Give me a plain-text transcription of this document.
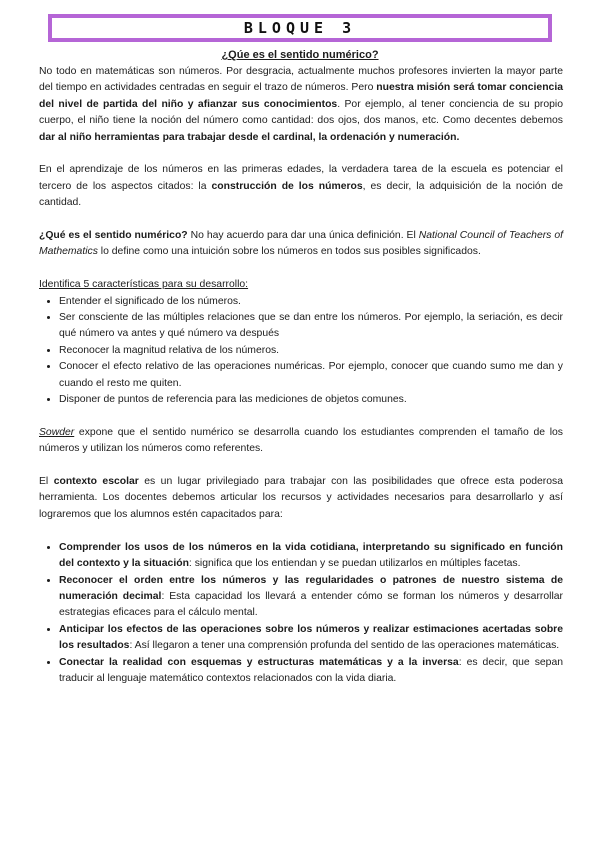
BLOQUE 3
¿Qúe es el sentido numérico?

No todo en matemáticas son números. Por desgracia, actualmente muchos profesores invierten la mayor parte del tiempo en actividades centradas en seguir el trazo de números. Pero nuestra misión será tomar conciencia del nivel de partida del niño y afianzar sus conocimientos. Por ejemplo, al tener conciencia de su propio cuerpo, el niño tiene la noción del número como cantidad: dos ojos, dos manos, etc. Como decentes debemos dar al niño herramientas para trabajar desde el cardinal, la ordenación y numeración.

En el aprendizaje de los números en las primeras edades, la verdadera tarea de la escuela es potenciar el tercero de los aspectos citados: la construcción de los números, es decir, la adquisición de la noción de cantidad.

¿Qué es el sentido numérico? No hay acuerdo para dar una única definición. El National Council of Teachers of Mathematics lo define como una intuición sobre los números en todos sus posibles significados.

Identifica 5 características para su desarrollo:
• Entender el significado de los números.
• Ser consciente de las múltiples relaciones que se dan entre los números. Por ejemplo, la seriación, es decir qué número va antes y qué número va después
• Reconocer la magnitud relativa de los números.
• Conocer el efecto relativo de las operaciones numéricas. Por ejemplo, conocer que cuando sumo me dan y cuando el resto me quiten.
• Disponer de puntos de referencia para las mediciones de objetos comunes.

Sowder expone que el sentido numérico se desarrolla cuando los estudiantes comprenden el tamaño de los números y utilizan los números como referentes.

El contexto escolar es un lugar privilegiado para trabajar con las posibilidades que ofrece esta poderosa herramienta. Los docentes debemos articular los recursos y actividades necesarios para desarrollarlo y así lograremos que los alumnos estén capacitados para:

• Comprender los usos de los números en la vida cotidiana, interpretando su significado en función del contexto y la situación: significa que los entiendan y se puedan utilizarlos en múltiples facetas.
• Reconocer el orden entre los números y las regularidades o patrones de nuestro sistema de numeración decimal: Esta capacidad los llevará a entender cómo se forman los números y desarrollar estrategias eficaces para el cálculo mental.
• Anticipar los efectos de las operaciones sobre los números y realizar estimaciones acertadas sobre los resultados: Así llegaron a tener una comprensión profunda del sentido de las operaciones matemáticas.
• Conectar la realidad con esquemas y estructuras matemáticas y a la inversa: es decir, que sepan traducir al lenguaje matemático contextos relacionados con la vida diaria.
